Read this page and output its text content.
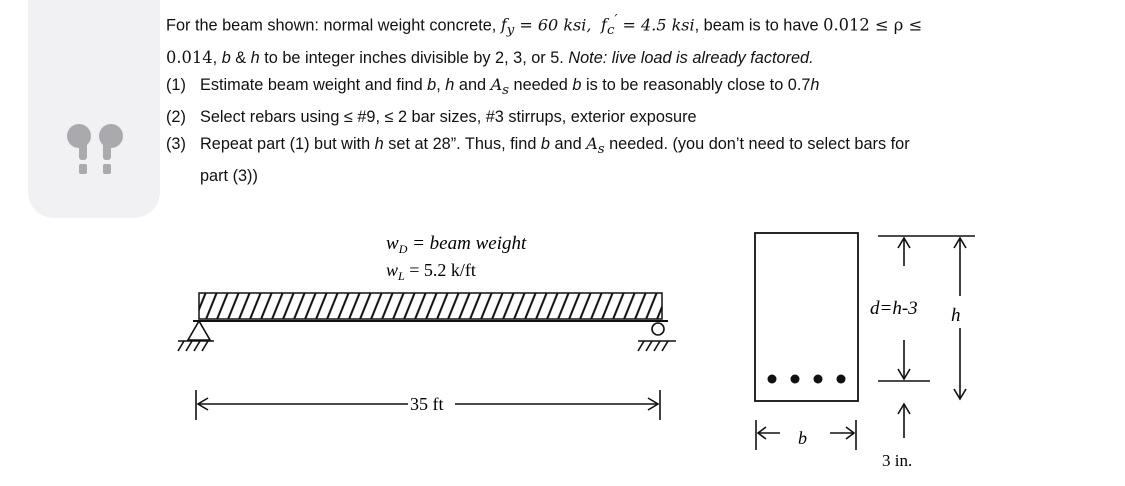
For the beam shown: normal weight concrete, $f_y = 60$ ksi,  $f_c' = 4.5$ ksi, beam is to have 0.012 ≤ ρ ≤
0.014, b & h to be integer inches divisible by 2, 3, or 5. Note: live load is already factored.
(1) Estimate beam weight and find b, h and $A_s$ needed b is to be reasonably close to 0.7h
(2) Select rebars using ≤ #9, ≤ 2 bar sizes, #3 stirrups, exterior exposure
(3) Repeat part (1) but with h set at 28”. Thus, find b and $A_s$ needed. (you don’t need to select bars for
part (3))
$w_D$ = beam weight
$w_L = 5.2$ k/ft
35 ft
b
d=h-3 h
3 in.
